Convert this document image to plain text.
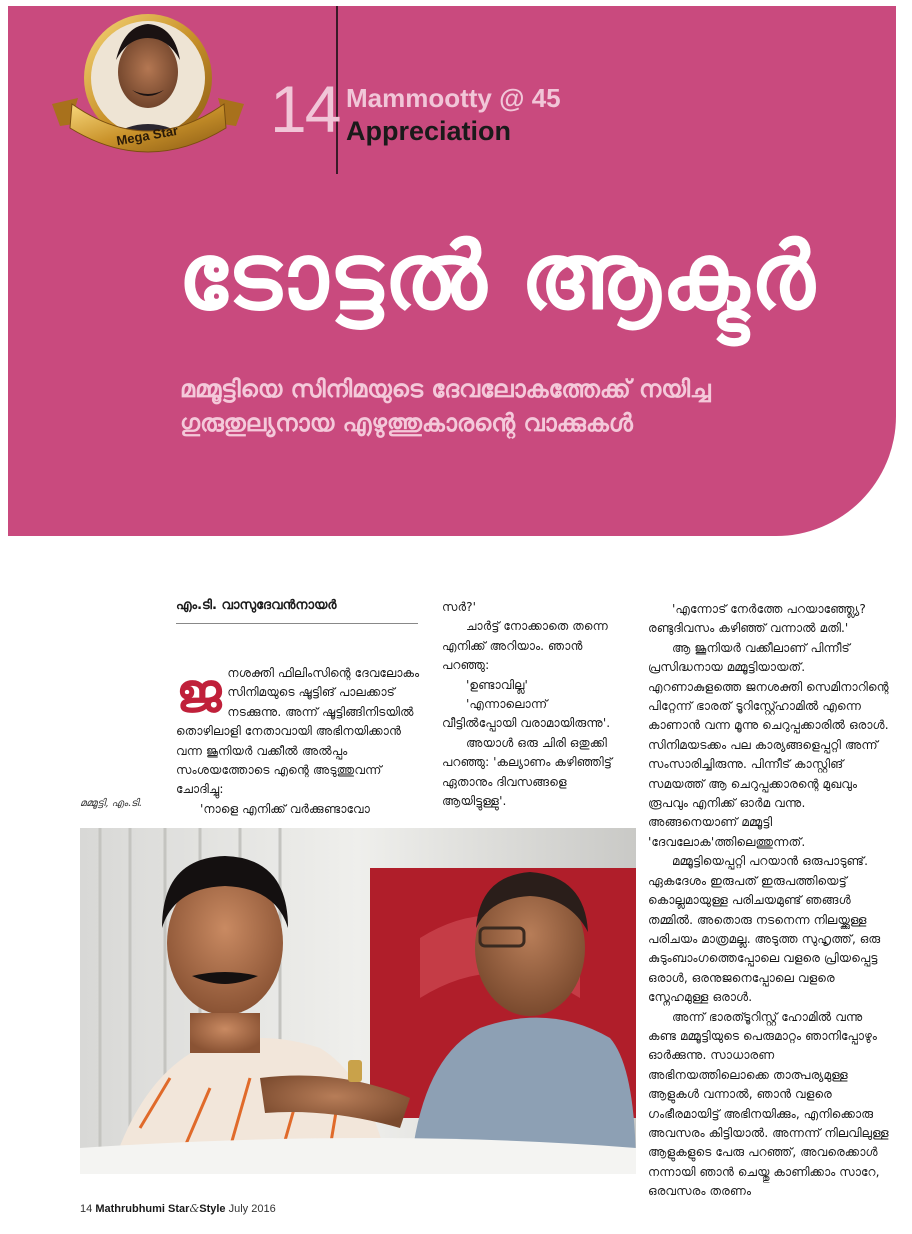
Mega Star 14 Mammootty @ 45
Appreciation
ടോട്ടൽ ആക്ടർ
മമ്മൂട്ടിയെ സിനിമയുടെ ദേവലോകത്തേക്ക് നയിച്ച ഗുരുതുല്യനായ എഴുത്തുകാരന്റെ വാക്കുകൾ
എം.ടി. വാസുദേവൻനായർ

ജനശക്തി ഫിലിംസിന്റെ ദേവലോകം സിനിമയുടെ ഷൂട്ടിങ് പാലക്കാട് നടക്കുന്നു. അന്ന് ഷൂട്ടിങ്ങിനിടയിൽ തൊഴിലാളി നേതാവായി അഭിനയിക്കാൻ വന്ന ജൂനിയർ വക്കീൽ അൽപ്പം സംശയത്തോടെ എന്റെ അടുത്തുവന്ന് ചോദിച്ചു:

'നാളെ എനിക്ക് വർക്കുണ്ടാവോ

സർ?'

ചാർട്ട് നോക്കാതെ തന്നെ എനിക്ക് അറിയാം. ഞാൻ പറഞ്ഞു:

'ഉണ്ടാവില്ല'

'എന്നാലൊന്ന് വീട്ടിൽപ്പോയി വരാമായിരുന്നു'.

അയാൾ ഒരു ചിരി ഒതുക്കി പറഞ്ഞു: 'കല്യാണം കഴിഞ്ഞിട്ട് ഏതാനും ദിവസങ്ങളെ ആയിട്ടുള്ളു'.

'എന്നോട് നേർത്തേ പറയാഞ്ഞ്ല്യേ? രണ്ടുദിവസം കഴിഞ്ഞ് വന്നാൽ മതി.'

ആ ജൂനിയർ വക്കീലാണ് പിന്നീട് പ്രസിദ്ധനായ മമ്മൂട്ടിയായത്. എറണാകുളത്തെ ജനശക്തി സെമിനാറിന്റെ പിറ്റേന്ന് ഭാരത് ടൂറിസ്റ്റ്ഹോമിൽ എന്നെ കാണാൻ വന്ന മൂന്നു ചെറുപ്പക്കാരിൽ ഒരാൾ. സിനിമയടക്കം പല കാര്യങ്ങളെപ്പറ്റി അന്ന് സംസാരിച്ചിരുന്നു. പിന്നീട് കാസ്റ്റിങ് സമയത്ത് ആ ചെറുപ്പക്കാരന്റെ മുഖവും രൂപവും എനിക്ക് ഓർമ വന്നു. അങ്ങനെയാണ് മമ്മൂട്ടി 'ദേവലോക'ത്തിലെത്തുന്നത്.

മമ്മൂട്ടിയെപ്പറ്റി പറയാൻ ഒരുപാടുണ്ട്. ഏകദേശം ഇരുപത് ഇരുപത്തിയെട്ട് കൊല്ലമായുള്ള പരിചയമുണ്ട് ഞങ്ങൾ തമ്മിൽ. അതൊരു നടനെന്ന നിലയ്ക്കുള്ള പരിചയം മാത്രമല്ല. അടുത്ത സുഹൃത്ത്, ഒരു കുടുംബാംഗത്തെപ്പോലെ വളരെ പ്രിയപ്പെട്ട ഒരാൾ, ഒരനുജനെപ്പോലെ വളരെ സ്നേഹമുള്ള ഒരാൾ.

അന്ന് ഭാരത്ടൂറിസ്റ്റ് ഹോമിൽ വന്നു കണ്ട മമ്മൂട്ടിയുടെ പെരുമാറ്റം ഞാനിപ്പോഴും ഓർക്കുന്നു. സാധാരണ അഭിനയത്തിലൊക്കെ താത്പര്യമുള്ള ആളുകൾ വന്നാൽ, ഞാൻ വളരെ ഗംഭീരമായിട്ട് അഭിനയിക്കും, എനിക്കൊരു അവസരം കിട്ടിയാൽ. അന്നന്ന് നിലവിലുള്ള ആളുകളുടെ പേരു പറഞ്ഞ്, അവരെക്കാൾ നന്നായി ഞാൻ ചെയ്തു കാണിക്കാം സാറേ, ഒരവസരം തരണം

മമ്മൂട്ടി, എം.ടി.
14 Mathrubhumi Star&Style July 2016
